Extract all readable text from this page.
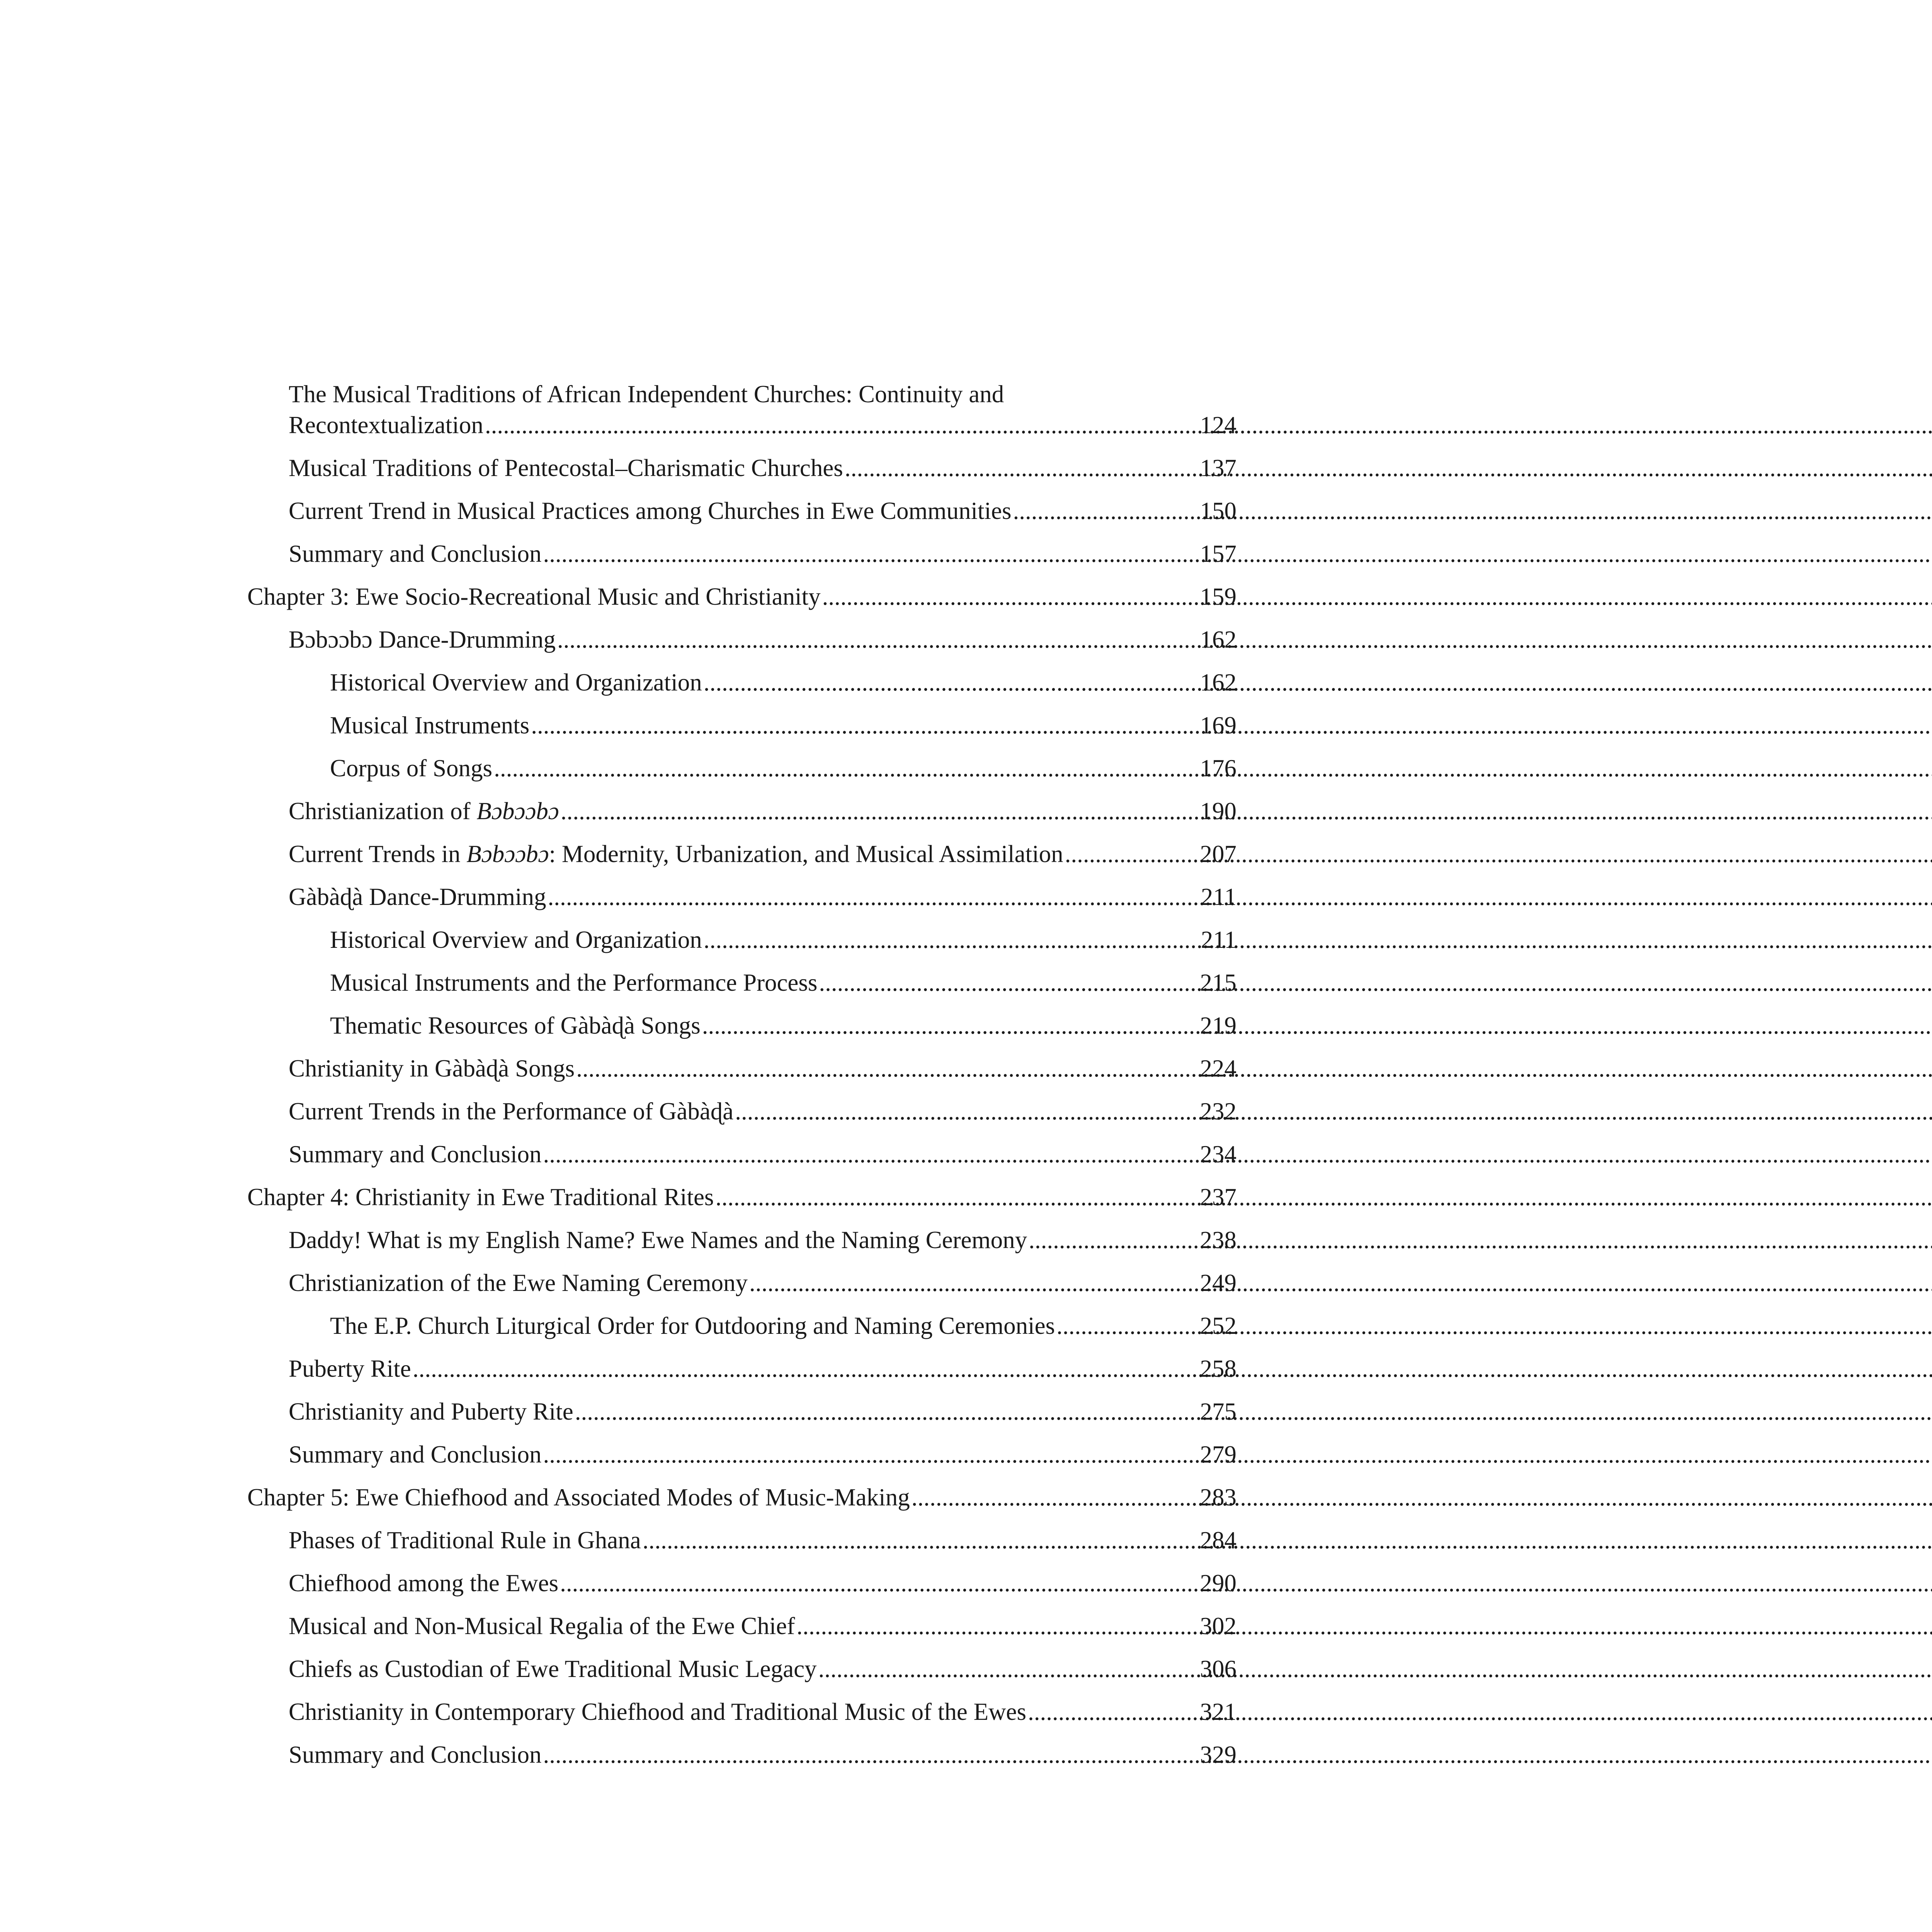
The Musical Traditions of African Independent Churches: Continuity and
Recontextualization .....	124
Musical Traditions of Pentecostal–Charismatic Churches .....	137
Current Trend in Musical Practices among Churches in Ewe Communities .....	150
Summary and Conclusion .....	157
Chapter 3: Ewe Socio-Recreational Music and Christianity .....	159
Bɔbɔɔbɔ Dance-Drumming .....	162
Historical Overview and Organization .....	162
Musical Instruments .....	169
Corpus of Songs .....	176
Christianization of Bɔbɔɔbɔ .....	190
Current Trends in Bɔbɔɔbɔ: Modernity, Urbanization, and Musical Assimilation .....	207
Gàbàɖà Dance-Drumming .....	211
Historical Overview and Organization .....	211
Musical Instruments and the Performance Process .....	215
Thematic Resources of Gàbàɖà Songs .....	219
Christianity in Gàbàɖà Songs .....	224
Current Trends in the Performance of Gàbàɖà .....	232
Summary and Conclusion .....	234
Chapter 4: Christianity in Ewe Traditional Rites .....	237
Daddy! What is my English Name? Ewe Names and the Naming Ceremony .....	238
Christianization of the Ewe Naming Ceremony .....	249
The E.P. Church Liturgical Order for Outdooring and Naming Ceremonies .....	252
Puberty Rite .....	258
Christianity and Puberty Rite .....	275
Summary and Conclusion .....	279
Chapter 5: Ewe Chiefhood and Associated Modes of Music-Making .....	283
Phases of Traditional Rule in Ghana .....	284
Chiefhood among the Ewes .....	290
Musical and Non-Musical Regalia of the Ewe Chief .....	302
Chiefs as Custodian of Ewe Traditional Music Legacy .....	306
Christianity in Contemporary Chiefhood and Traditional Music of the Ewes .....	321
Summary and Conclusion .....	329
